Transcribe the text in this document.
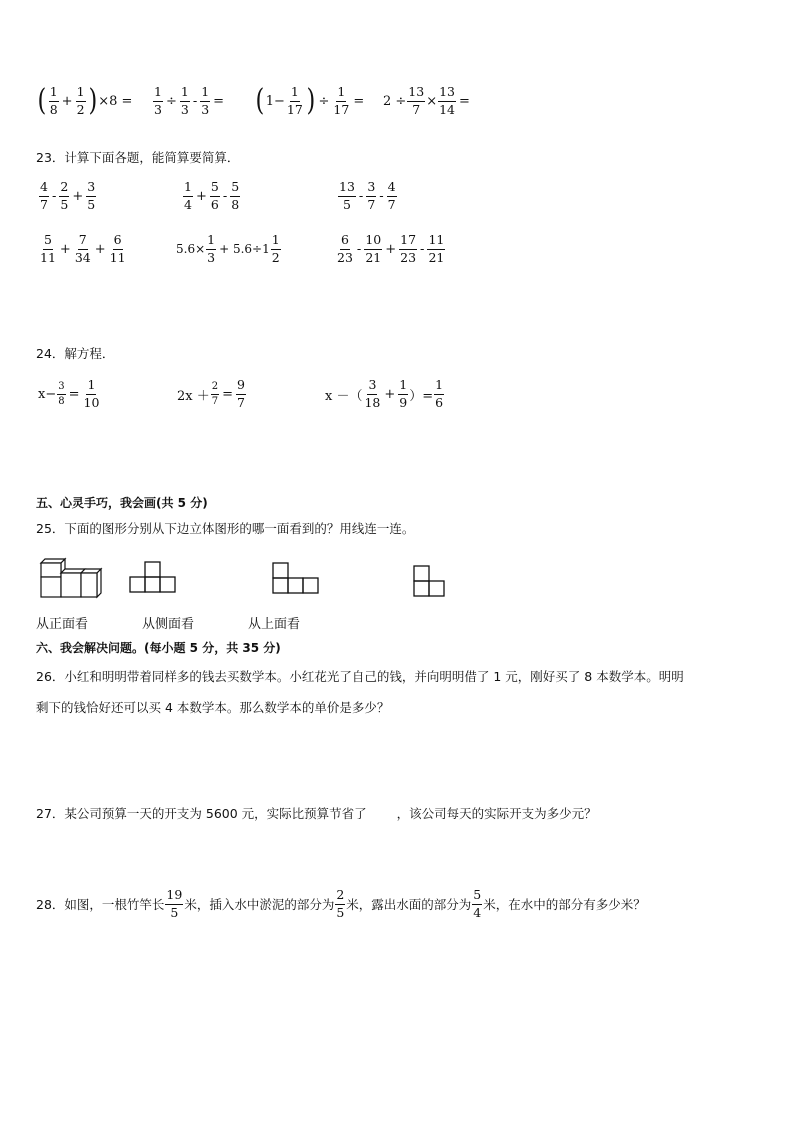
( $\frac{1}{8} + \frac{1}{2}$ ) $\times 8 = \frac{1}{3} \div \frac{1}{3} - \frac{1}{3}$ = ( $1- \frac{1}{17}$ ) ÷ $\frac{1}{17} = 2 \div \frac{13}{7} \times \frac{13}{14}$ =
23．计算下面各题，能简算要简算．
$\frac{4}{7} - \frac{2}{5} + \frac{3}{5}$	$\frac{1}{4} + \frac{5}{6} - \frac{5}{8}$	$\frac{13}{5} - \frac{3}{7} - \frac{4}{7}$
$\frac{5}{11} + \frac{7}{34} + \frac{6}{11}$	$5.6\times \frac{1}{3} + 5.6\div 1 \frac{1}{2}$	$\frac{6}{23} - \frac{10}{21} + \frac{17}{23} - \frac{11}{21}$
24．解方程．
$x- \frac{3}{8} = \frac{1}{10}$	$2x + \frac{2}{7} = \frac{9}{7}$	x －（ $\frac{3}{18} + \frac{1}{9}$ ）= $\frac{1}{6}$
五、心灵手巧，我会画(共 5 分)
25．下面的图形分别从下边立体图形的哪一面看到的？用线连一连。
从正面看	从侧面看	从上面看
六、我会解决问题。(每小题 5 分，共 35 分)
26．小红和明明带着同样多的钱去买数学本。小红花光了自己的钱，并向明明借了 1 元，刚好买了 8 本数学本。明明
剩下的钱恰好还可以买 4 本数学本。那么数学本的单价是多少？
27．某公司预算一天的开支为 5600 元，实际比预算节省了 ，该公司每天的实际开支为多少元？
28．如图，一根竹竿长 $\frac{19}{5}$ 米，插入水中淤泥的部分为 $\frac{2}{5}$ 米，露出水面的部分为 $\frac{5}{4}$ 米，在水中的部分有多少米？
